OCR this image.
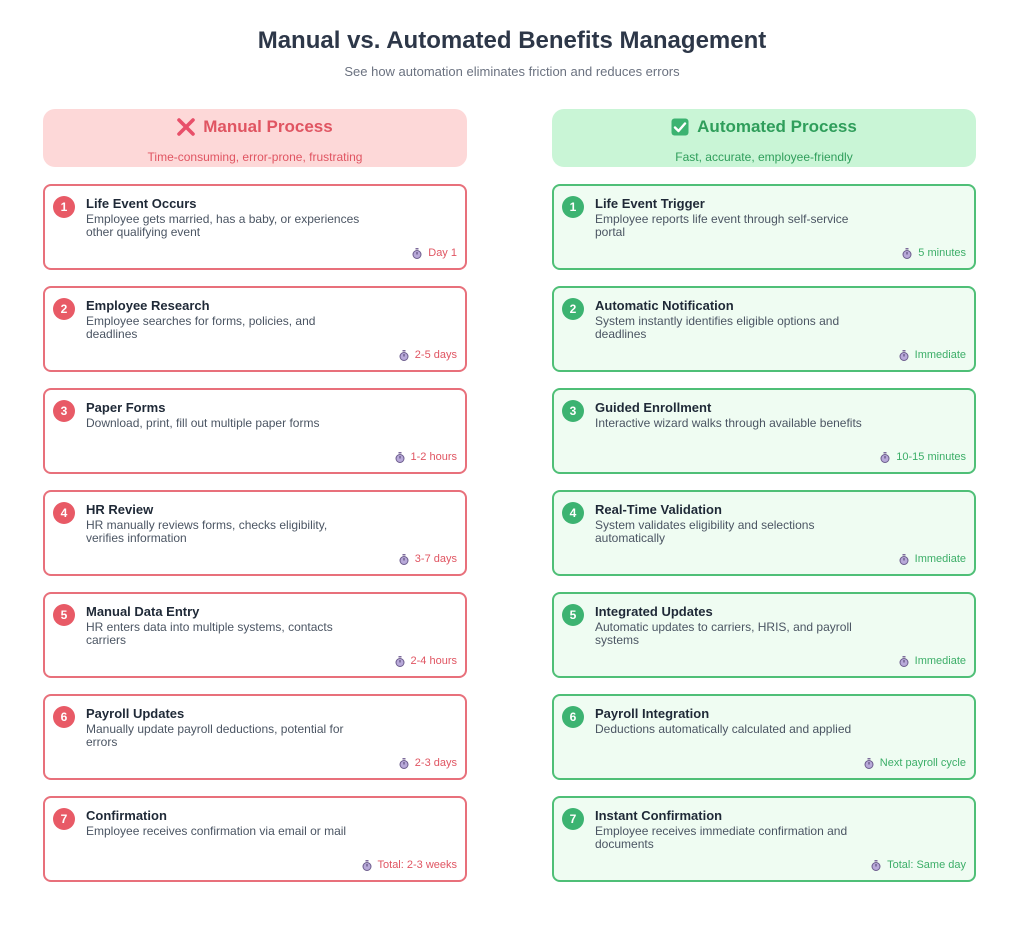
Manual vs. Automated Benefits Management
See how automation eliminates friction and reduces errors
Manual Process
Time-consuming, error-prone, frustrating
1	Life Event Occurs
Employee gets married, has a baby, or experiences other qualifying event
Day 1
2	Employee Research
Employee searches for forms, policies, and deadlines
2-5 days
3	Paper Forms
Download, print, fill out multiple paper forms
1-2 hours
4	HR Review
HR manually reviews forms, checks eligibility, verifies information
3-7 days
5	Manual Data Entry
HR enters data into multiple systems, contacts carriers
2-4 hours
6	Payroll Updates
Manually update payroll deductions, potential for errors
2-3 days
7	Confirmation
Employee receives confirmation via email or mail
Total: 2-3 weeks
Automated Process
Fast, accurate, employee-friendly
1	Life Event Trigger
Employee reports life event through self-service portal
5 minutes
2	Automatic Notification
System instantly identifies eligible options and deadlines
Immediate
3	Guided Enrollment
Interactive wizard walks through available benefits
10-15 minutes
4	Real-Time Validation
System validates eligibility and selections automatically
Immediate
5	Integrated Updates
Automatic updates to carriers, HRIS, and payroll systems
Immediate
6	Payroll Integration
Deductions automatically calculated and applied
Next payroll cycle
7	Instant Confirmation
Employee receives immediate confirmation and documents
Total: Same day
